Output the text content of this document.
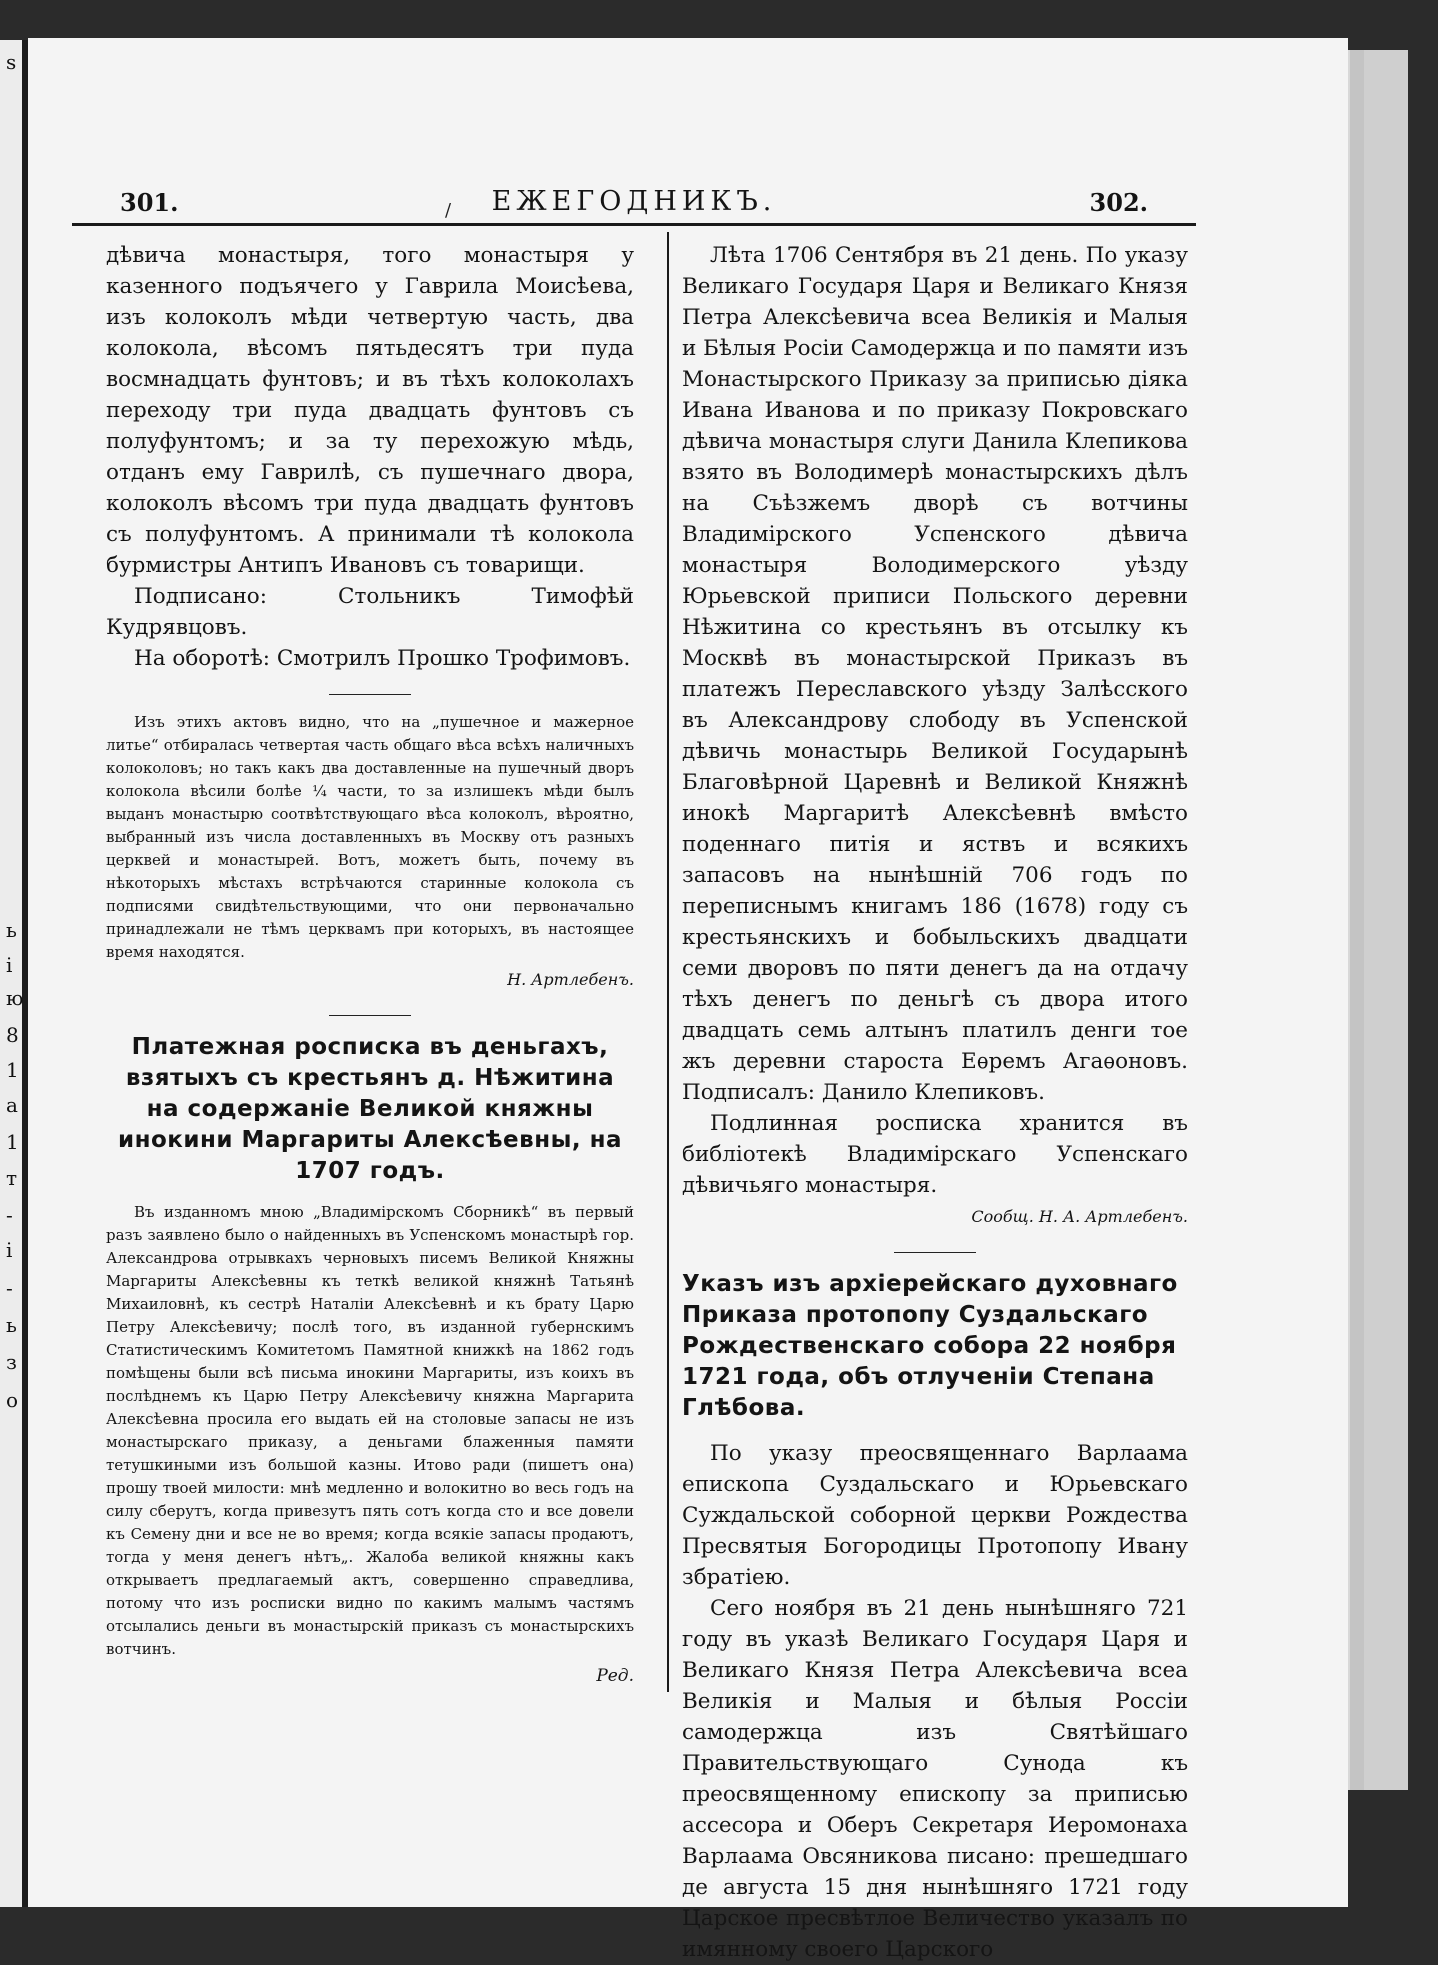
s
ь
і
ю
8
1
а
1
т
-
і
-
ь
з
о
301.	ЕЖЕГОДНИКЪ.	302.
/

дѣвича монастыря, того монастыря у казенного подъячего у Гаврила Моисѣева, изъ колоколъ мѣди четвертую часть, два колокола, вѣсомъ пятьдесятъ три пуда восмнадцать фунтовъ; и въ тѣхъ колоколахъ переходу три пуда двадцать фунтовъ съ полуфунтомъ; и за ту перехожую мѣдь, отданъ ему Гаврилѣ, съ пушечнаго двора, колоколъ вѣсомъ три пуда двадцать фунтовъ съ полуфунтомъ. А принимали тѣ колокола бурмистры Антипъ Ивановъ съ товарищи.

Подписано: Стольникъ Тимофѣй Кудрявцовъ.

На оборотѣ: Смотрилъ Прошко Трофимовъ.

Изъ этихъ актовъ видно, что на „пушечное и мажерное литье“ отбиралась четвертая часть общаго вѣса всѣхъ наличныхъ колоколовъ; но такъ какъ два доставленные на пушечный дворъ колокола вѣсили болѣе ¼ части, то за излишекъ мѣди былъ выданъ монастырю соотвѣтствующаго вѣса колоколъ, вѣроятно, выбранный изъ числа доставленныхъ въ Москву отъ разныхъ церквей и монастырей. Вотъ, можетъ быть, почему въ нѣкоторыхъ мѣстахъ встрѣчаются старинные колокола съ подписями свидѣтельствующими, что они первоначально принадлежали не тѣмъ церквамъ при которыхъ, въ настоящее время находятся.

Н. Артлебенъ.

Платежная росписка въ деньгахъ, взятыхъ съ крестьянъ д. Нѣжитина на содержаніе Великой княжны инокини Маргариты Алексѣевны, на 1707 годъ.

Въ изданномъ мною „Владимірскомъ Сборникѣ“ въ первый разъ заявлено было о найденныхъ въ Успенскомъ монастырѣ гор. Александрова отрывкахъ черновыхъ писемъ Великой Княжны Маргариты Алексѣевны къ теткѣ великой княжнѣ Татьянѣ Михаиловнѣ, къ сестрѣ Наталіи Алексѣевнѣ и къ брату Царю Петру Алексѣевичу; послѣ того, въ изданной губернскимъ Статистическимъ Комитетомъ Памятной книжкѣ на 1862 годъ помѣщены были всѣ письма инокини Маргариты, изъ коихъ въ послѣднемъ къ Царю Петру Алексѣевичу княжна Маргарита Алексѣевна просила его выдать ей на столовые запасы не изъ монастырскаго приказу, а деньгами блаженныя памяти тетушкиными изъ большой казны. Итово ради (пишетъ она) прошу твоей милости: мнѣ медленно и волокитно во весь годъ на силу сберутъ, когда привезутъ пять сотъ когда сто и все довели къ Семену дни и все не во время; когда всякіе запасы продаютъ, тогда у меня денегъ нѣтъ„. Жалоба великой княжны какъ открываетъ предлагаемый актъ, совершенно справедлива, потому что изъ росписки видно по какимъ малымъ частямъ отсылались деньги въ монастырскій приказъ съ монастырскихъ вотчинъ.

Ред.

Лѣта 1706 Сентября въ 21 день. По указу Великаго Государя Царя и Великаго Князя Петра Алексѣевича всеа Великія и Малыя и Бѣлыя Росіи Самодержца и по памяти изъ Монастырского Приказу за приписью дiяка Ивана Иванова и по приказу Покровскаго дѣвича монастыря слуги Данила Клепикова взято въ Володимерѣ монастырскихъ дѣлъ на Съѣзжемъ дворѣ съ вотчины Владимірского Успенского дѣвича монастыря Володимерского уѣзду Юрьевской приписи Польского деревни Нѣжитина со крестьянъ въ отсылку къ Москвѣ въ монастырской Приказъ въ платежъ Переславского уѣзду Залѣсского въ Александрову слободу въ Успенской дѣвичь монастырь Великой Государынѣ Благовѣрной Царевнѣ и Великой Княжнѣ инокѣ Маргаритѣ Алексѣевнѣ вмѣсто поденнаго питія и яствъ и всякихъ запасовъ на нынѣшній 706 годъ по переписнымъ книгамъ 186 (1678) году съ крестьянскихъ и бобыльскихъ двадцати семи дворовъ по пяти денегъ да на отдачу тѣхъ денегъ по деньгѣ съ двора итого двадцать семь алтынъ платилъ денги тое жъ деревни староста Еѳремъ Агаѳоновъ. Подписалъ: Данило Клепиковъ.

Подлинная росписка хранится въ библіотекѣ Владимірскаго Успенскаго дѣвичьяго монастыря.

Сообщ. Н. А. Артлебенъ.

Указъ изъ архіерейскаго духовнаго Приказа протопопу Суздальскаго Рождественскаго собора 22 ноября 1721 года, объ отлученіи Степана Глѣбова.

По указу преосвященнаго Варлаама епископа Суздальскаго и Юрьевскаго Суждальской соборной церкви Рождества Пресвятыя Богородицы Протопопу Ивану збратiею.

Сего ноября въ 21 день нынѣшняго 721 году въ указѣ Великаго Государя Царя и Великаго Князя Петра Алексѣевича всеа Великія и Малыя и бѣлыя Россіи самодержца изъ Святѣйшаго Правительствующаго Сунода къ преосвященному епископу за приписью ассесора и Оберъ Секретаря Иеромонаха Варлаама Овсяникова писано: прешедшаго де августа 15 дня нынѣшняго 1721 году Царское пресвѣтлое Величество указалъ по имянному своего Царского
